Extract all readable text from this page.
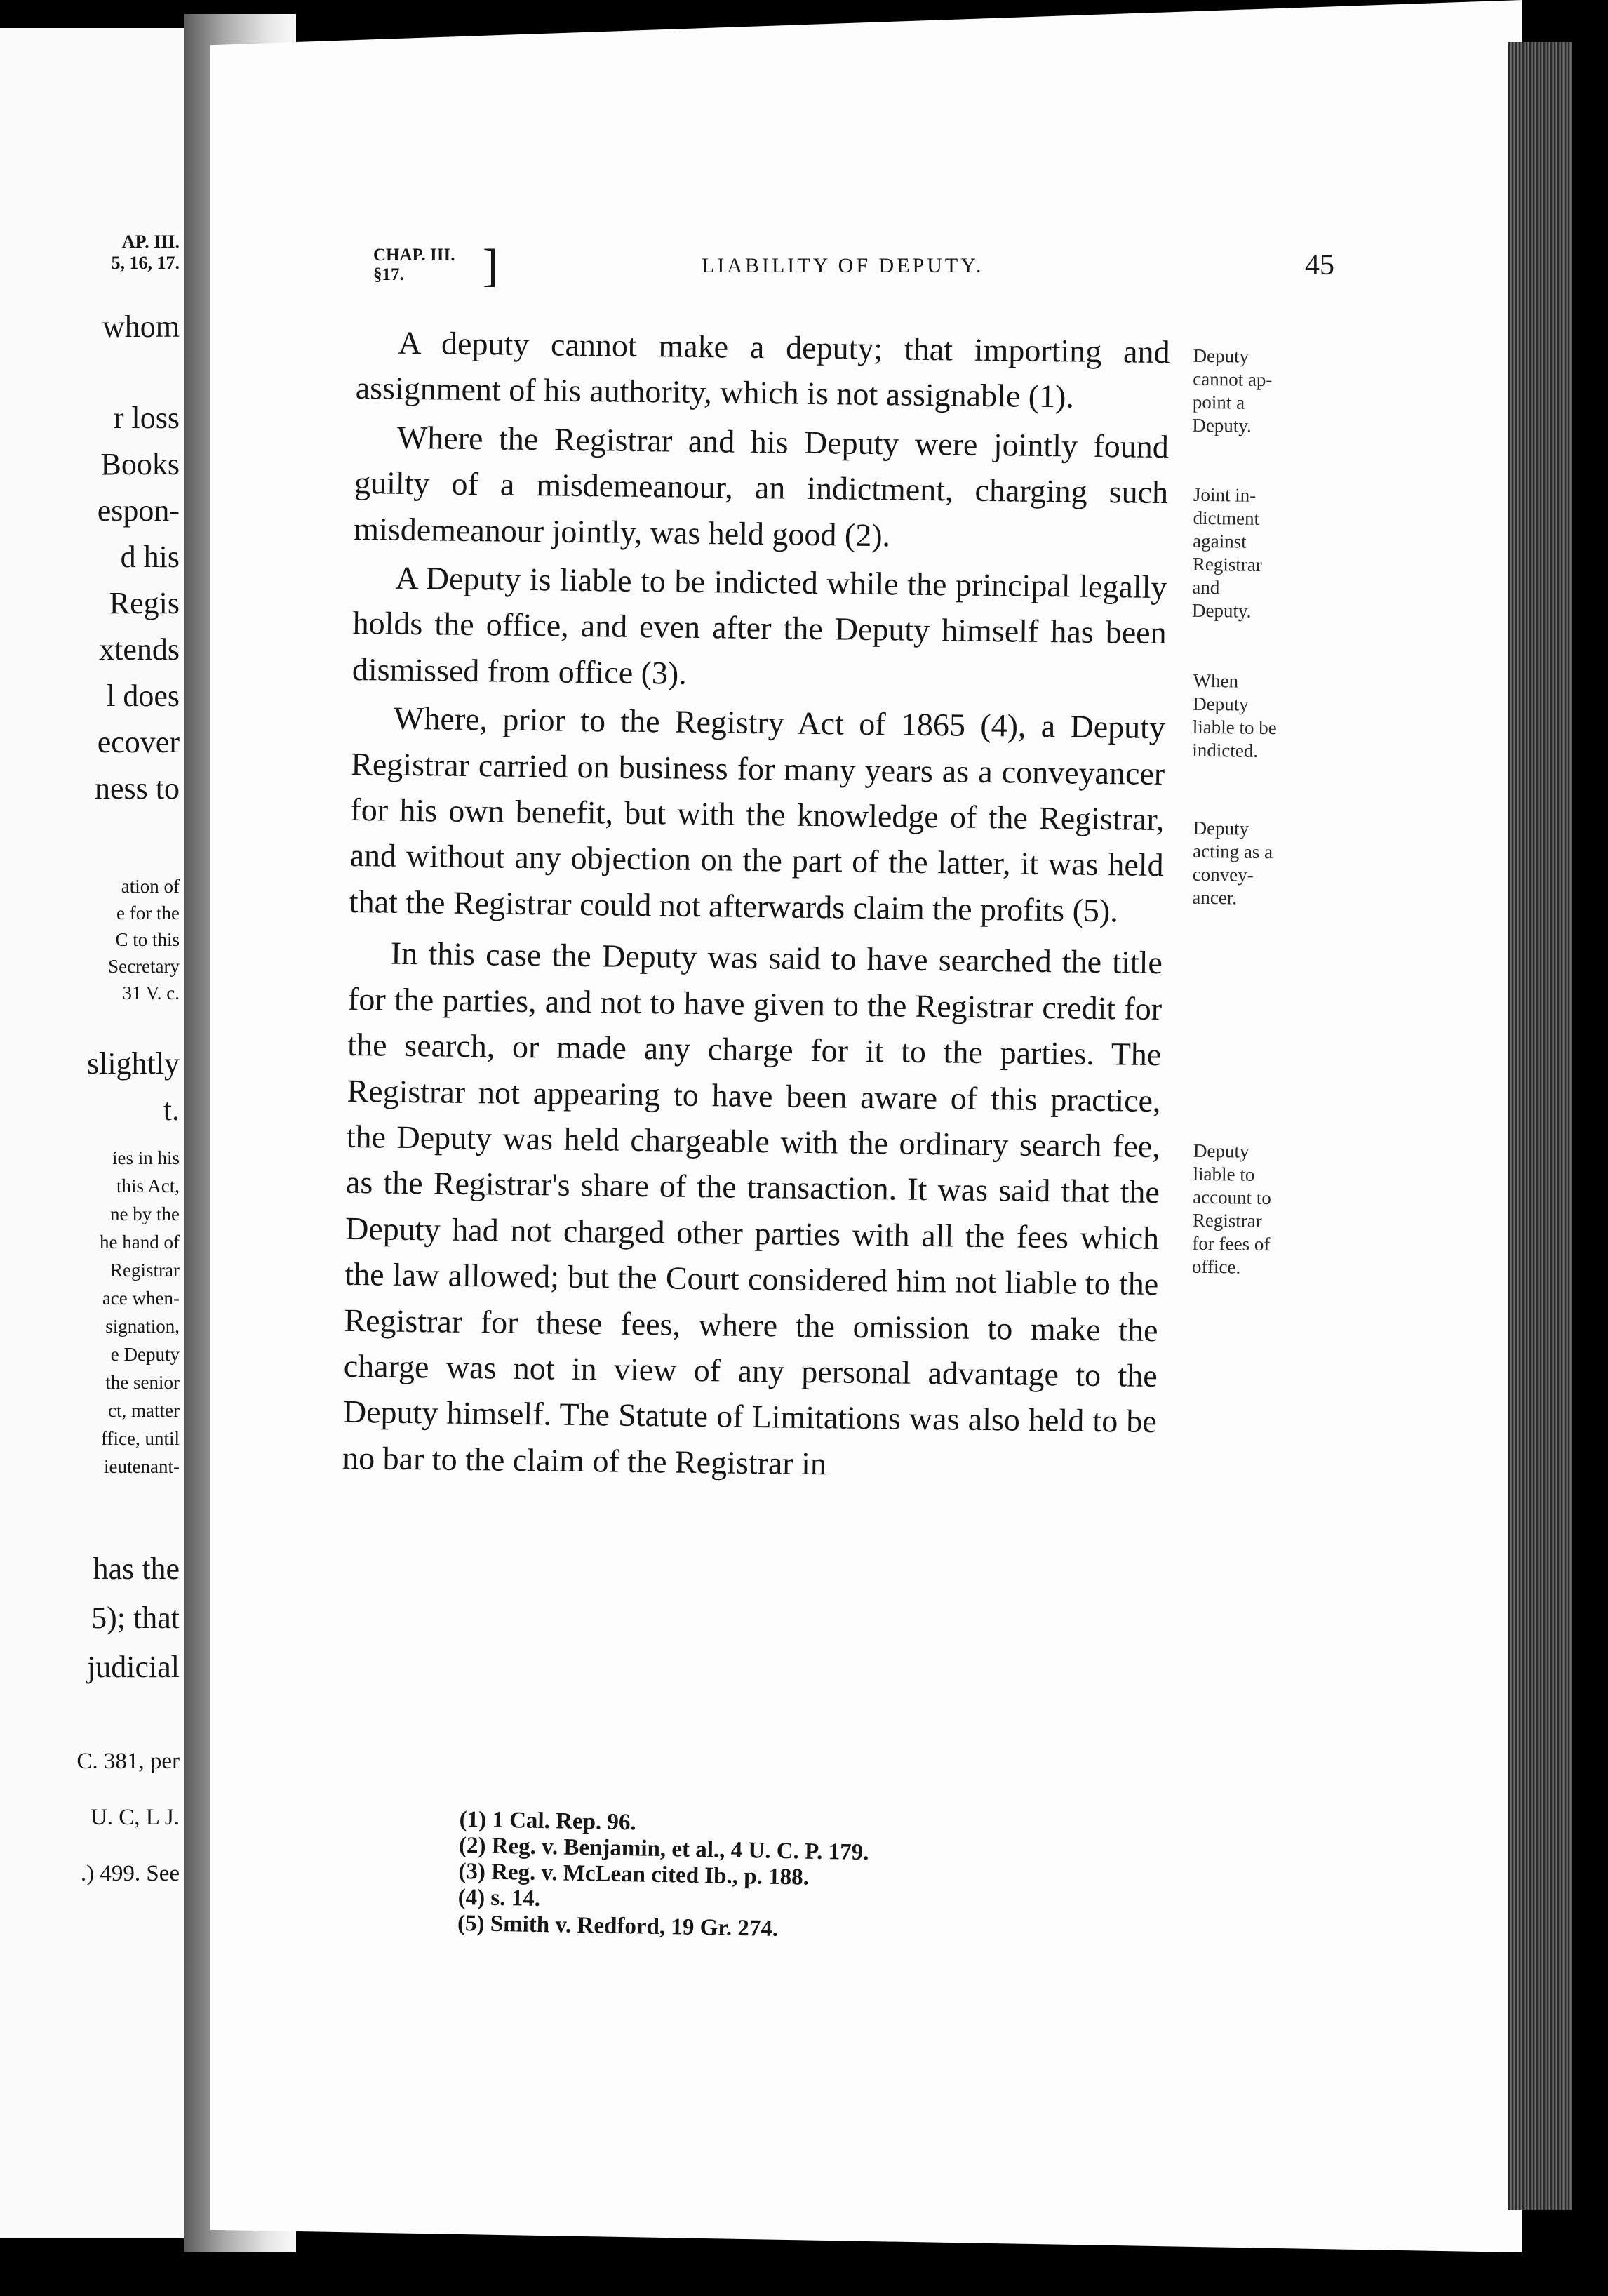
AP. III.
5, 16, 17.
whom
r loss
Books
espon-
d his
Regis
xtends
l does
ecover
ness to
ation of
e for the
C to this
Secretary
31 V. c.
slightly
t.
ies in his
this Act,
ne by the
he hand of
Registrar
ace when-
signation,
e Deputy
the senior
ct, matter
ffice, until
ieutenant-
has the
5); that
judicial
C. 381, per
U. C, L J.
.) 499. See
CHAP. III.
§17.	]	LIABILITY OF DEPUTY.	45

A deputy cannot make a deputy; that importing and assignment of his authority, which is not assignable (1).

Where the Registrar and his Deputy were jointly found guilty of a misdemeanour, an indictment, charging such misdemeanour jointly, was held good (2).

A Deputy is liable to be indicted while the principal legally holds the office, and even after the Deputy himself has been dismissed from office (3).

Where, prior to the Registry Act of 1865 (4), a Deputy Registrar carried on business for many years as a conveyancer for his own benefit, but with the knowledge of the Registrar, and without any objection on the part of the latter, it was held that the Registrar could not afterwards claim the profits (5).

In this case the Deputy was said to have searched the title for the parties, and not to have given to the Registrar credit for the search, or made any charge for it to the parties. The Registrar not appearing to have been aware of this practice, the Deputy was held chargeable with the ordinary search fee, as the Registrar's share of the transaction. It was said that the Deputy had not charged other parties with all the fees which the law allowed; but the Court considered him not liable to the Registrar for these fees, where the omission to make the charge was not in view of any personal advantage to the Deputy himself. The Statute of Limitations was also held to be no bar to the claim of the Registrar in

Deputy
cannot ap-
point a
Deputy.
Joint in-
dictment
against
Registrar
and
Deputy.
When
Deputy
liable to be
indicted.
Deputy
acting as a
convey-
ancer.
Deputy
liable to
account to
Registrar
for fees of
office.
(1) 1 Cal. Rep. 96.
(2) Reg. v. Benjamin, et al., 4 U. C. P. 179.
(3) Reg. v. McLean cited Ib., p. 188.
(4) s. 14.
(5) Smith v. Redford, 19 Gr. 274.
